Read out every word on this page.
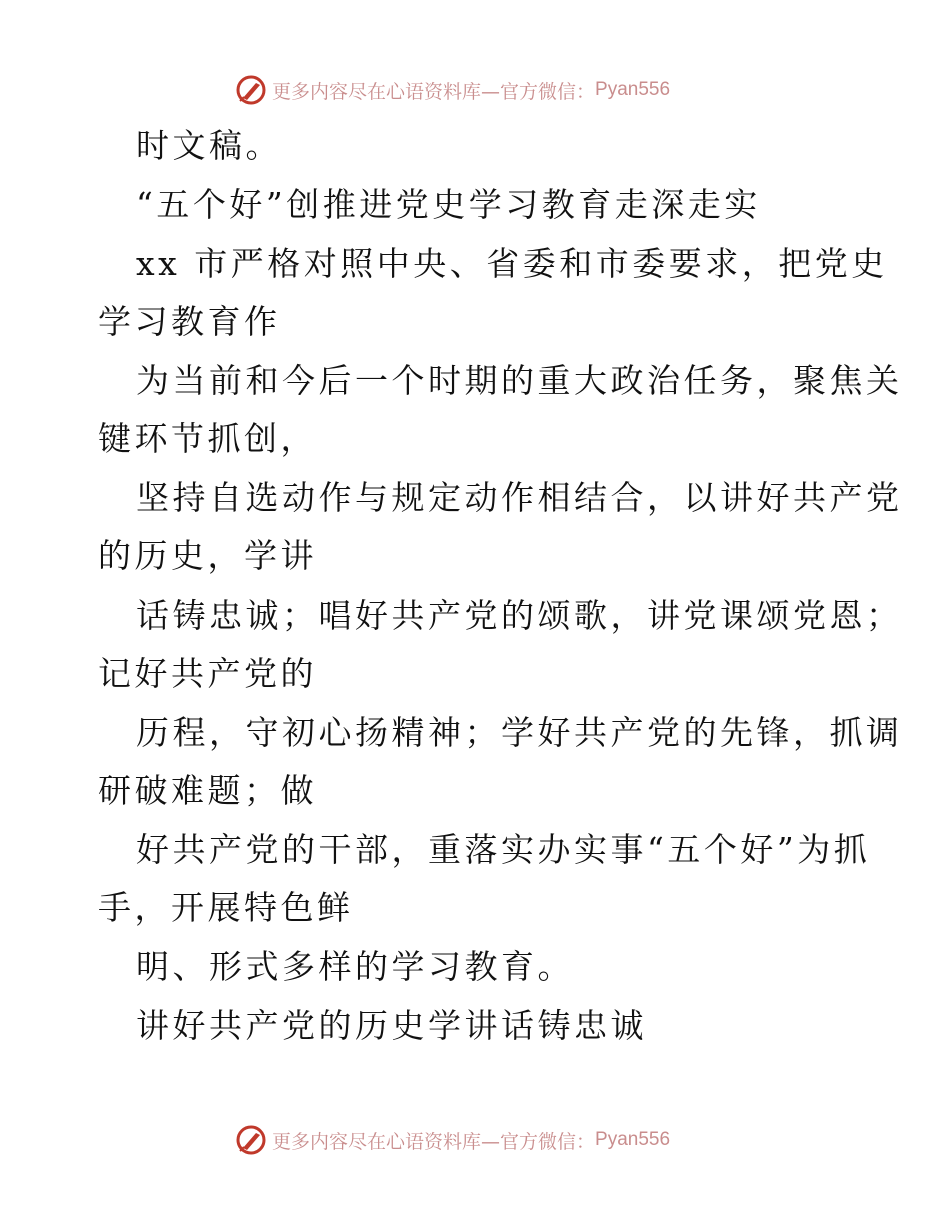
更多内容尽在心语资料库—官方微信： Pyan556
时文稿。
“五个好”创推进党史学习教育走深走实
xx 市严格对照中央、省委和市委要求，把党史
学习教育作
为当前和今后一个时期的重大政治任务，聚焦关
键环节抓创，
坚持自选动作与规定动作相结合，以讲好共产党
的历史，学讲
话铸忠诚；唱好共产党的颂歌，讲党课颂党恩；
记好共产党的
历程，守初心扬精神；学好共产党的先锋，抓调
研破难题；做
好共产党的干部，重落实办实事“五个好”为抓
手，开展特色鲜
明、形式多样的学习教育。
讲好共产党的历史学讲话铸忠诚
更多内容尽在心语资料库—官方微信： Pyan556
